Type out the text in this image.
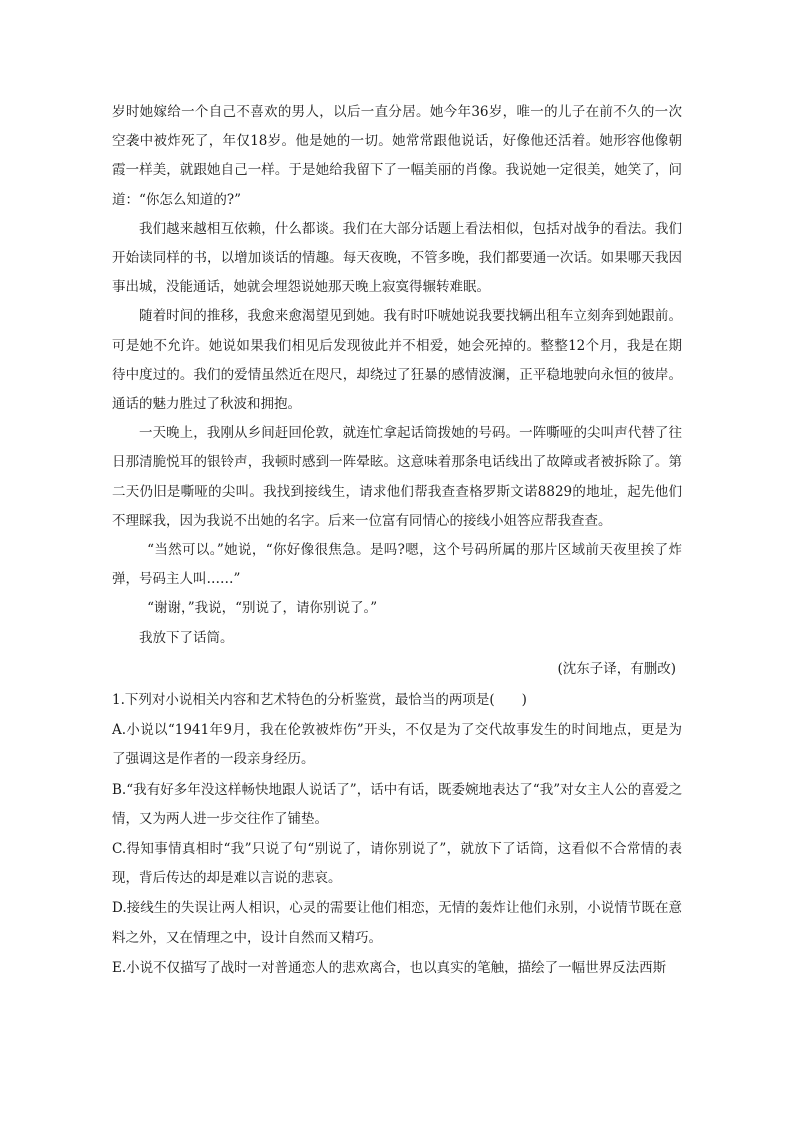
岁时她嫁给一个自己不喜欢的男人，以后一直分居。她今年36岁，唯一的儿子在前不久的一次空袭中被炸死了，年仅18岁。他是她的一切。她常常跟他说话，好像他还活着。她形容他像朝霞一样美，就跟她自己一样。于是她给我留下了一幅美丽的肖像。我说她一定很美，她笑了，问道：“你怎么知道的?”

我们越来越相互依赖，什么都谈。我们在大部分话题上看法相似，包括对战争的看法。我们开始读同样的书，以增加谈话的情趣。每天夜晚，不管多晚，我们都要通一次话。如果哪天我因事出城，没能通话，她就会埋怨说她那天晚上寂寞得辗转难眠。

随着时间的推移，我愈来愈渴望见到她。我有时吓唬她说我要找辆出租车立刻奔到她跟前。可是她不允许。她说如果我们相见后发现彼此并不相爱，她会死掉的。整整12个月，我是在期待中度过的。我们的爱情虽然近在咫尺，却绕过了狂暴的感情波澜，正平稳地驶向永恒的彼岸。通话的魅力胜过了秋波和拥抱。

一天晚上，我刚从乡间赶回伦敦，就连忙拿起话筒拨她的号码。一阵嘶哑的尖叫声代替了往日那清脆悦耳的银铃声，我顿时感到一阵晕眩。这意味着那条电话线出了故障或者被拆除了。第二天仍旧是嘶哑的尖叫。我找到接线生，请求他们帮我查查格罗斯文诺8829的地址，起先他们不理睬我，因为我说不出她的名字。后来一位富有同情心的接线小姐答应帮我查查。

“当然可以。”她说，“你好像很焦急。是吗?嗯，这个号码所属的那片区域前天夜里挨了炸弹，号码主人叫……”

“谢谢，”我说，“别说了，请你别说了。”

我放下了话筒。

(沈东子译，有删改)

1.下列对小说相关内容和艺术特色的分析鉴赏，最恰当的两项是(　　)

A.小说以“1941年9月，我在伦敦被炸伤”开头，不仅是为了交代故事发生的时间地点，更是为了强调这是作者的一段亲身经历。

B.“我有好多年没这样畅快地跟人说话了”，话中有话，既委婉地表达了“我”对女主人公的喜爱之情，又为两人进一步交往作了铺垫。

C.得知事情真相时“我”只说了句“别说了，请你别说了”，就放下了话筒，这看似不合常情的表现，背后传达的却是难以言说的悲哀。

D.接线生的失误让两人相识，心灵的需要让他们相恋，无情的轰炸让他们永别，小说情节既在意料之外，又在情理之中，设计自然而又精巧。

E.小说不仅描写了战时一对普通恋人的悲欢离合，也以真实的笔触，描绘了一幅世界反法西斯
